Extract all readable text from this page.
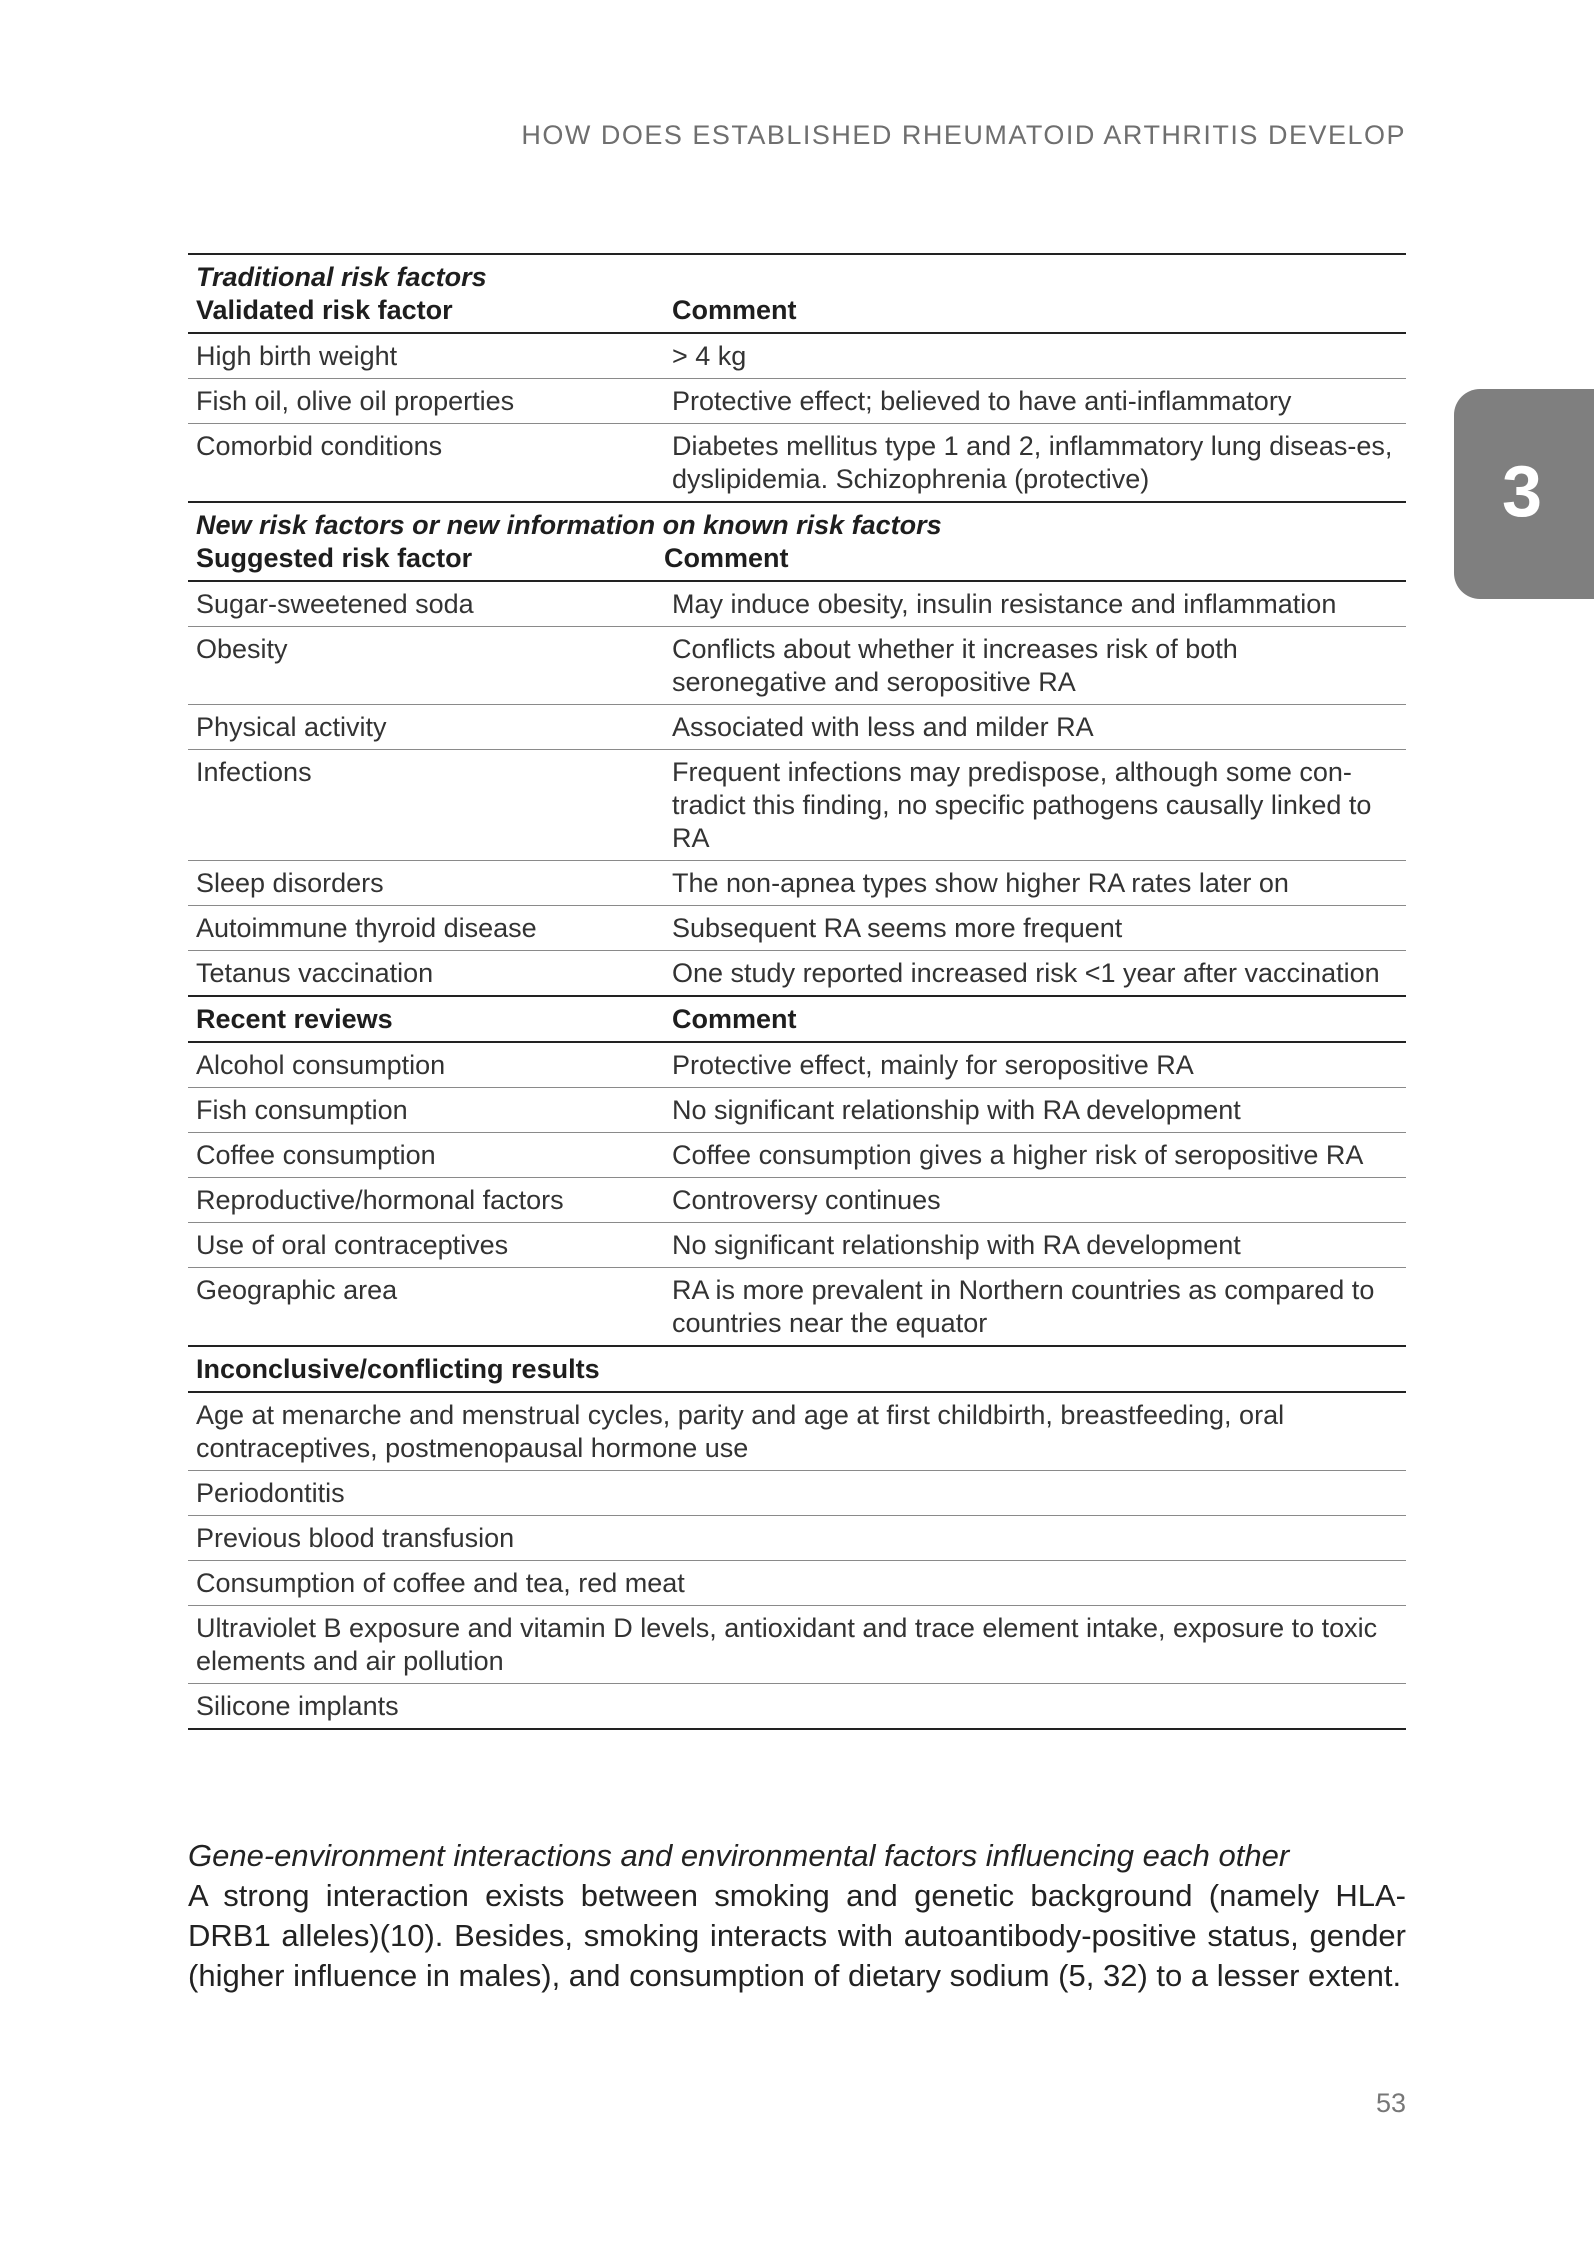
HOW DOES ESTABLISHED RHEUMATOID ARTHRITIS DEVELOP
3
Traditional risk factors
Validated risk factor	Comment

High birth weight	> 4 kg
Fish oil, olive oil properties	Protective effect; believed to have anti-inflammatory
Comorbid conditions	Diabetes mellitus type 1 and 2, inflammatory lung diseas-es, dyslipidemia. Schizophrenia (protective)

New risk factors or new information on known risk factors
Suggested risk factor Comment	

Sugar-sweetened soda	May induce obesity, insulin resistance and inflammation
Obesity	Conflicts about whether it increases risk of both seronegative and seropositive RA
Physical activity	Associated with less and milder RA
Infections	Frequent infections may predispose, although some con-tradict this finding, no specific pathogens causally linked to RA
Sleep disorders	The non-apnea types show higher RA rates later on
Autoimmune thyroid disease	Subsequent RA seems more frequent
Tetanus vaccination	One study reported increased risk <1 year after vaccination
Recent reviews	Comment
Alcohol consumption	Protective effect, mainly for seropositive RA
Fish consumption	No significant relationship with RA development
Coffee consumption	Coffee consumption gives a higher risk of seropositive RA
Reproductive/hormonal factors	Controversy continues
Use of oral contraceptives	No significant relationship with RA development
Geographic area	RA is more prevalent in Northern countries as compared to countries near the equator
Inconclusive/conflicting results	
Age at menarche and menstrual cycles, parity and age at first childbirth, breastfeeding, oral contraceptives, postmenopausal hormone use	
Periodontitis	
Previous blood transfusion	
Consumption of coffee and tea, red meat	
Ultraviolet B exposure and vitamin D levels, antioxidant and trace element intake, exposure to toxic elements and air pollution	
Silicone implants	
Gene-environment interactions and environmental factors influencing each other
A strong interaction exists between smoking and genetic background (namely HLA-DRB1 alleles)(10). Besides, smoking interacts with autoantibody-positive status, gender (higher influence in males), and consumption of dietary sodium (5, 32) to a lesser extent.
53
